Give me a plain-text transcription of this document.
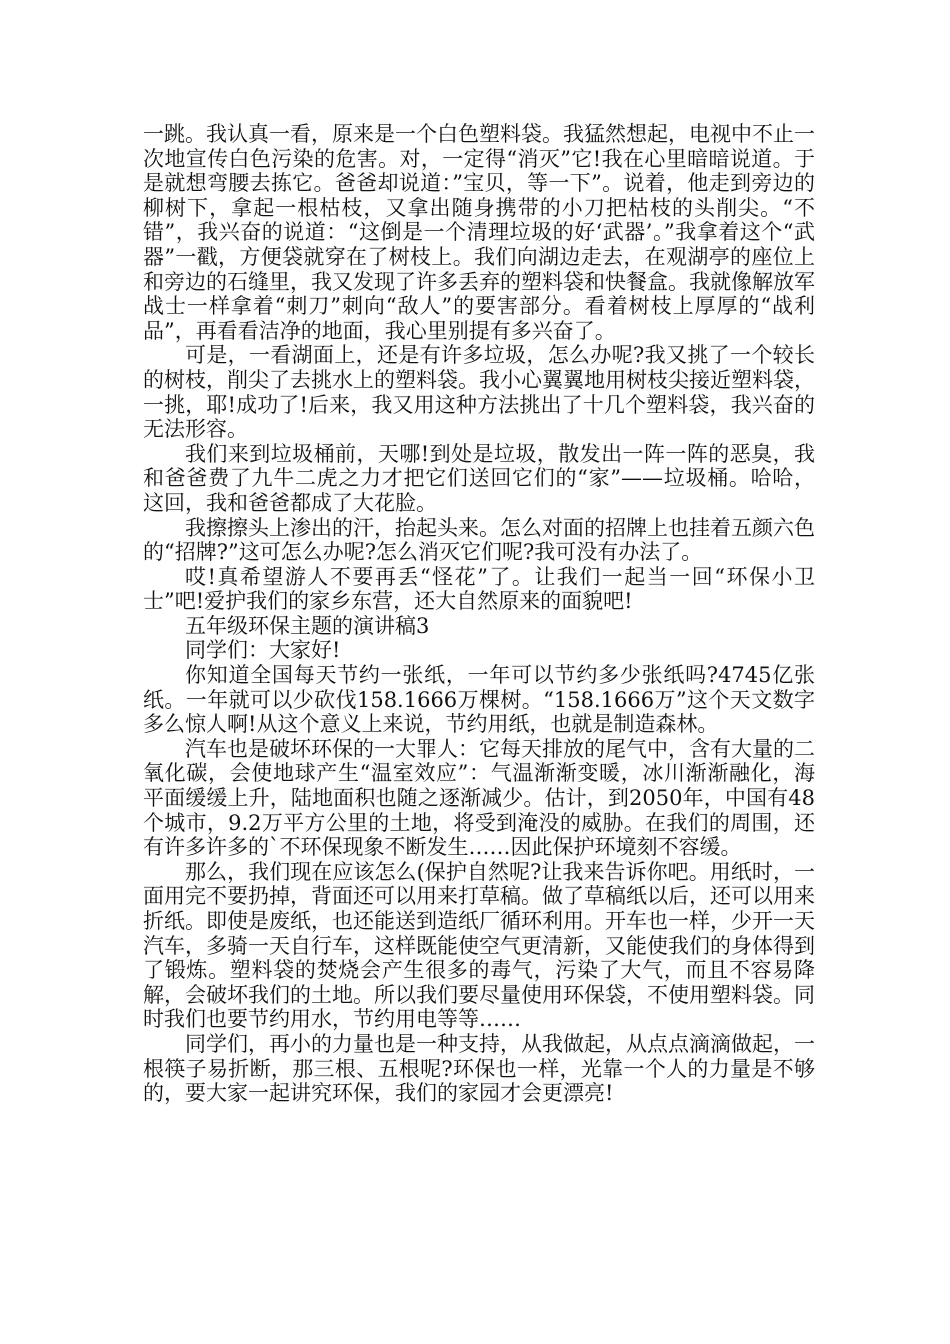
一跳。我认真一看，原来是一个白色塑料袋。我猛然想起，电视中不止一次地宣传白色污染的危害。对，一定得“消灭”它!我在心里暗暗说道。于是就想弯腰去拣它。爸爸却说道：”宝贝，等一下”。说着，他走到旁边的柳树下，拿起一根枯枝，又拿出随身携带的小刀把枯枝的头削尖。“不错”，我兴奋的说道：“这倒是一个清理垃圾的好‘武器’。”我拿着这个“武器”一戳，方便袋就穿在了树枝上。我们向湖边走去，在观湖亭的座位上和旁边的石缝里，我又发现了许多丢弃的塑料袋和快餐盒。我就像解放军战士一样拿着“刺刀”刺向“敌人”的要害部分。看着树枝上厚厚的“战利品”，再看看洁净的地面，我心里别提有多兴奋了。

可是，一看湖面上，还是有许多垃圾，怎么办呢?我又挑了一个较长的树枝，削尖了去挑水上的塑料袋。我小心翼翼地用树枝尖接近塑料袋，一挑，耶!成功了!后来，我又用这种方法挑出了十几个塑料袋，我兴奋的无法形容。

我们来到垃圾桶前，天哪!到处是垃圾，散发出一阵一阵的恶臭，我和爸爸费了九牛二虎之力才把它们送回它们的“家”——垃圾桶。哈哈，这回，我和爸爸都成了大花脸。

我擦擦头上渗出的汗，抬起头来。怎么对面的招牌上也挂着五颜六色的“招牌?”这可怎么办呢?怎么消灭它们呢?我可没有办法了。

哎!真希望游人不要再丢“怪花”了。让我们一起当一回“环保小卫士”吧!爱护我们的家乡东营，还大自然原来的面貌吧!

五年级环保主题的演讲稿3

同学们：大家好!

你知道全国每天节约一张纸，一年可以节约多少张纸吗?4745亿张纸。一年就可以少砍伐158.1666万棵树。“158.1666万”这个天文数字多么惊人啊!从这个意义上来说，节约用纸，也就是制造森林。

汽车也是破坏环保的一大罪人：它每天排放的尾气中，含有大量的二氧化碳，会使地球产生“温室效应”：气温渐渐变暖，冰川渐渐融化，海平面缓缓上升，陆地面积也随之逐渐减少。估计，到2050年，中国有48个城市，9.2万平方公里的土地，将受到淹没的威胁。在我们的周围，还有许多许多的`不环保现象不断发生……因此保护环境刻不容缓。

那么，我们现在应该怎么(保护自然呢?让我来告诉你吧。用纸时，一面用完不要扔掉，背面还可以用来打草稿。做了草稿纸以后，还可以用来折纸。即使是废纸，也还能送到造纸厂循环利用。开车也一样，少开一天汽车，多骑一天自行车，这样既能使空气更清新，又能使我们的身体得到了锻炼。塑料袋的焚烧会产生很多的毒气，污染了大气，而且不容易降解，会破坏我们的土地。所以我们要尽量使用环保袋，不使用塑料袋。同时我们也要节约用水，节约用电等等……

同学们，再小的力量也是一种支持，从我做起，从点点滴滴做起，一根筷子易折断，那三根、五根呢?环保也一样，光靠一个人的力量是不够的，要大家一起讲究环保，我们的家园才会更漂亮!
